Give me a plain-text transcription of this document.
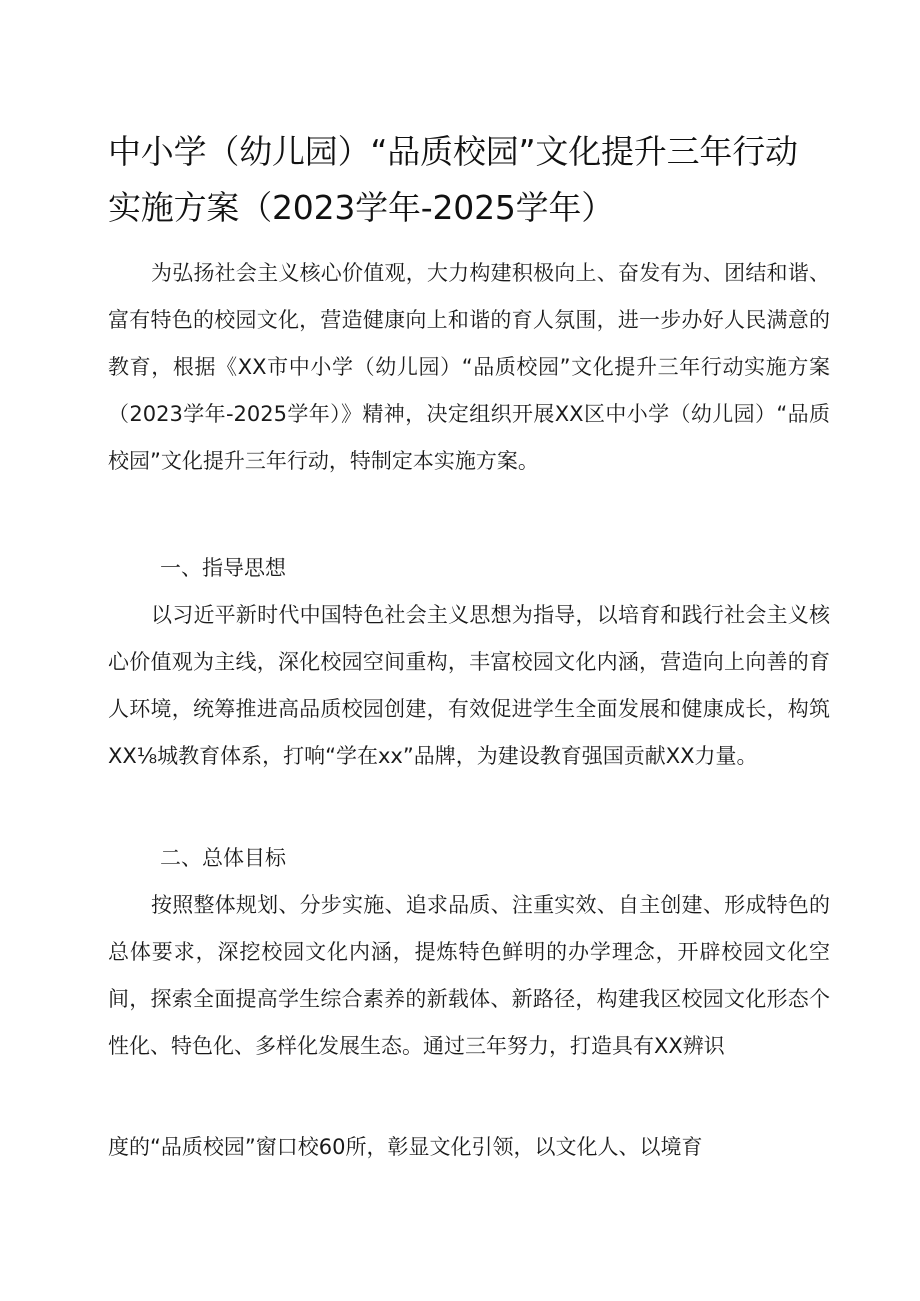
中小学（幼儿园）“品质校园”文化提升三年行动实施方案（2023学年-2025学年）

为弘扬社会主义核心价值观，大力构建积极向上、奋发有为、团结和谐、富有特色的校园文化，营造健康向上和谐的育人氛围，进一步办好人民满意的教育，根据《XX市中小学（幼儿园）“品质校园”文化提升三年行动实施方案（2023学年-2025学年）》精神，决定组织开展XX区中小学（幼儿园）“品质校园”文化提升三年行动，特制定本实施方案。

一、指导思想

以习近平新时代中国特色社会主义思想为指导，以培育和践行社会主义核心价值观为主线，深化校园空间重构，丰富校园文化内涵，营造向上向善的育人环境，统筹推进高品质校园创建，有效促进学生全面发展和健康成长，构筑XX⅛城教育体系，打响“学在xx”品牌，为建设教育强国贡献XX力量。

二、总体目标

按照整体规划、分步实施、追求品质、注重实效、自主创建、形成特色的总体要求，深挖校园文化内涵，提炼特色鲜明的办学理念，开辟校园文化空间，探索全面提高学生综合素养的新载体、新路径，构建我区校园文化形态个性化、特色化、多样化发展生态。通过三年努力，打造具有XX辨识

度的“品质校园”窗口校60所，彰显文化引领，以文化人、以境育
